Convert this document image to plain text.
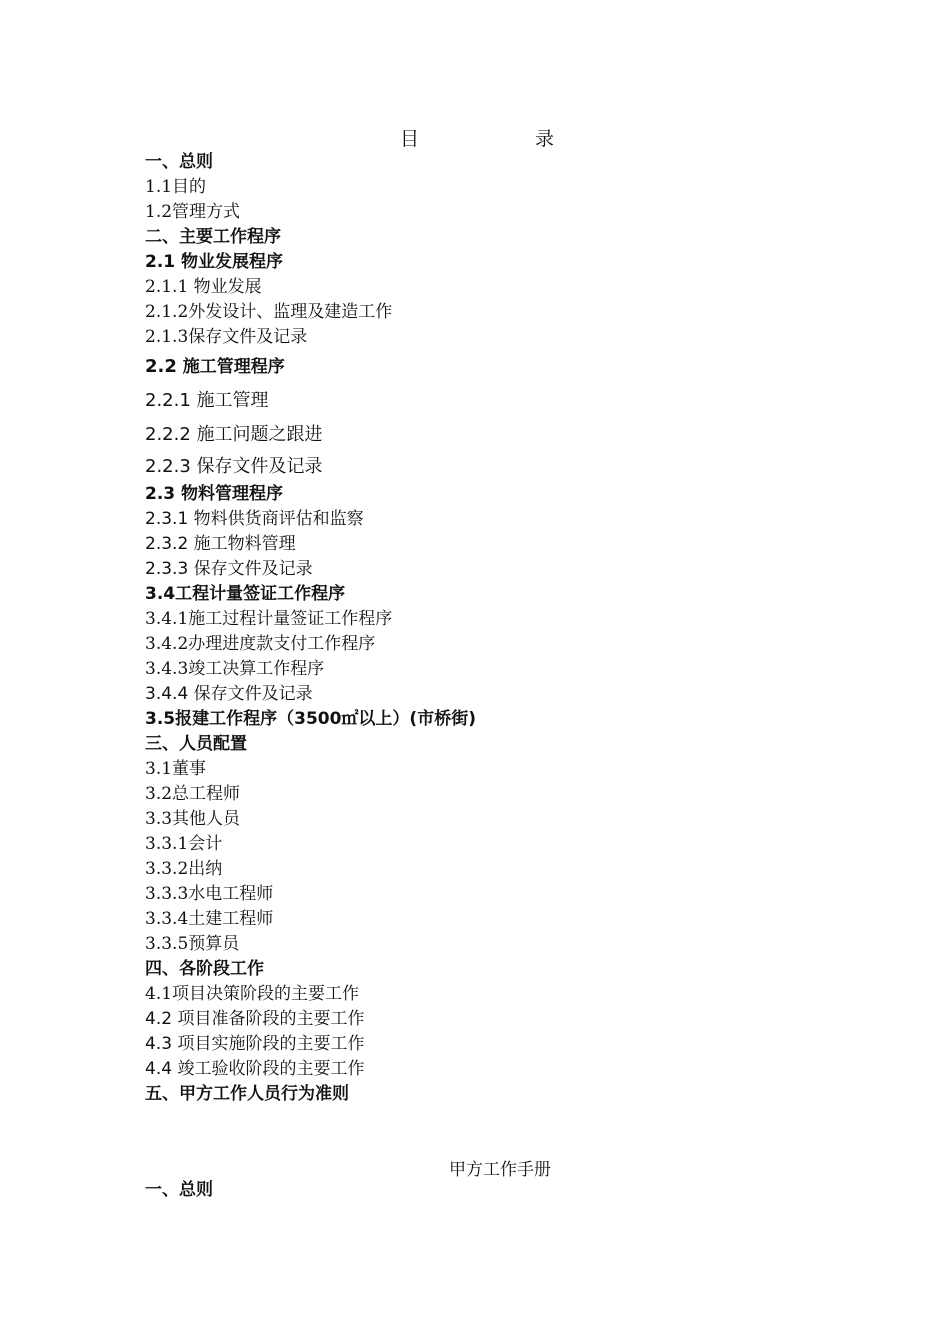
目	录
一、总则
1.1目的
1.2管理方式
二、主要工作程序
2.1 物业发展程序
2.1.1 物业发展
2.1.2外发设计、监理及建造工作
2.1.3保存文件及记录
2.2 施工管理程序
2.2.1 施工管理
2.2.2 施工问题之跟进
2.2.3 保存文件及记录
2.3 物料管理程序
2.3.1 物料供货商评估和监察
2.3.2 施工物料管理
2.3.3 保存文件及记录
3.4工程计量签证工作程序
3.4.1施工过程计量签证工作程序
3.4.2办理进度款支付工作程序
3.4.3竣工决算工作程序
3.4.4 保存文件及记录
3.5报建工作程序（3500㎡以上）(市桥街)
三、人员配置
3.1董事
3.2总工程师
3.3其他人员
3.3.1会计
3.3.2出纳
3.3.3水电工程师
3.3.4土建工程师
3.3.5预算员
四、各阶段工作
4.1项目决策阶段的主要工作
4.2 项目准备阶段的主要工作
4.3 项目实施阶段的主要工作
4.4 竣工验收阶段的主要工作
五、甲方工作人员行为准则
甲方工作手册
一、总则
